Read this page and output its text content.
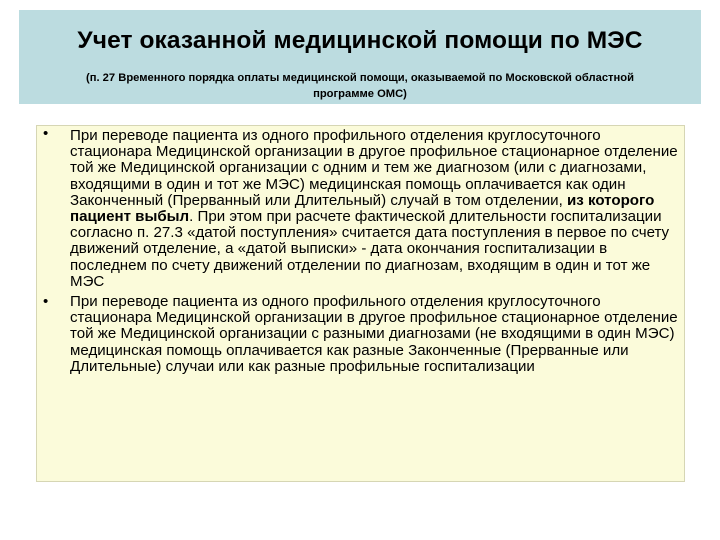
Учет оказанной медицинской помощи по МЭС
(п. 27 Временного порядка оплаты медицинской помощи, оказываемой по Московской областной программе ОМС)
• При переводе пациента из одного профильного отделения круглосуточного стационара Медицинской организации в другое профильное стационарное отделение той же Медицинской организации с одним и тем же диагнозом (или с диагнозами, входящими в один и тот же МЭС) медицинская помощь оплачивается как один Законченный (Прерванный или Длительный) случай в том отделении, из которого пациент выбыл. При этом при расчете фактической длительности госпитализации согласно п. 27.3 «датой поступления» считается дата поступления в первое по счету движений отделение, а «датой выписки» - дата окончания госпитализации в последнем по счету движений отделении по диагнозам, входящим в один и тот же МЭС
• При переводе пациента из одного профильного отделения круглосуточного стационара Медицинской организации в другое профильное стационарное отделение той же Медицинской организации с разными диагнозами (не входящими в один МЭС) медицинская помощь оплачивается как разные Законченные (Прерванные или Длительные) случаи или как разные профильные госпитализации
